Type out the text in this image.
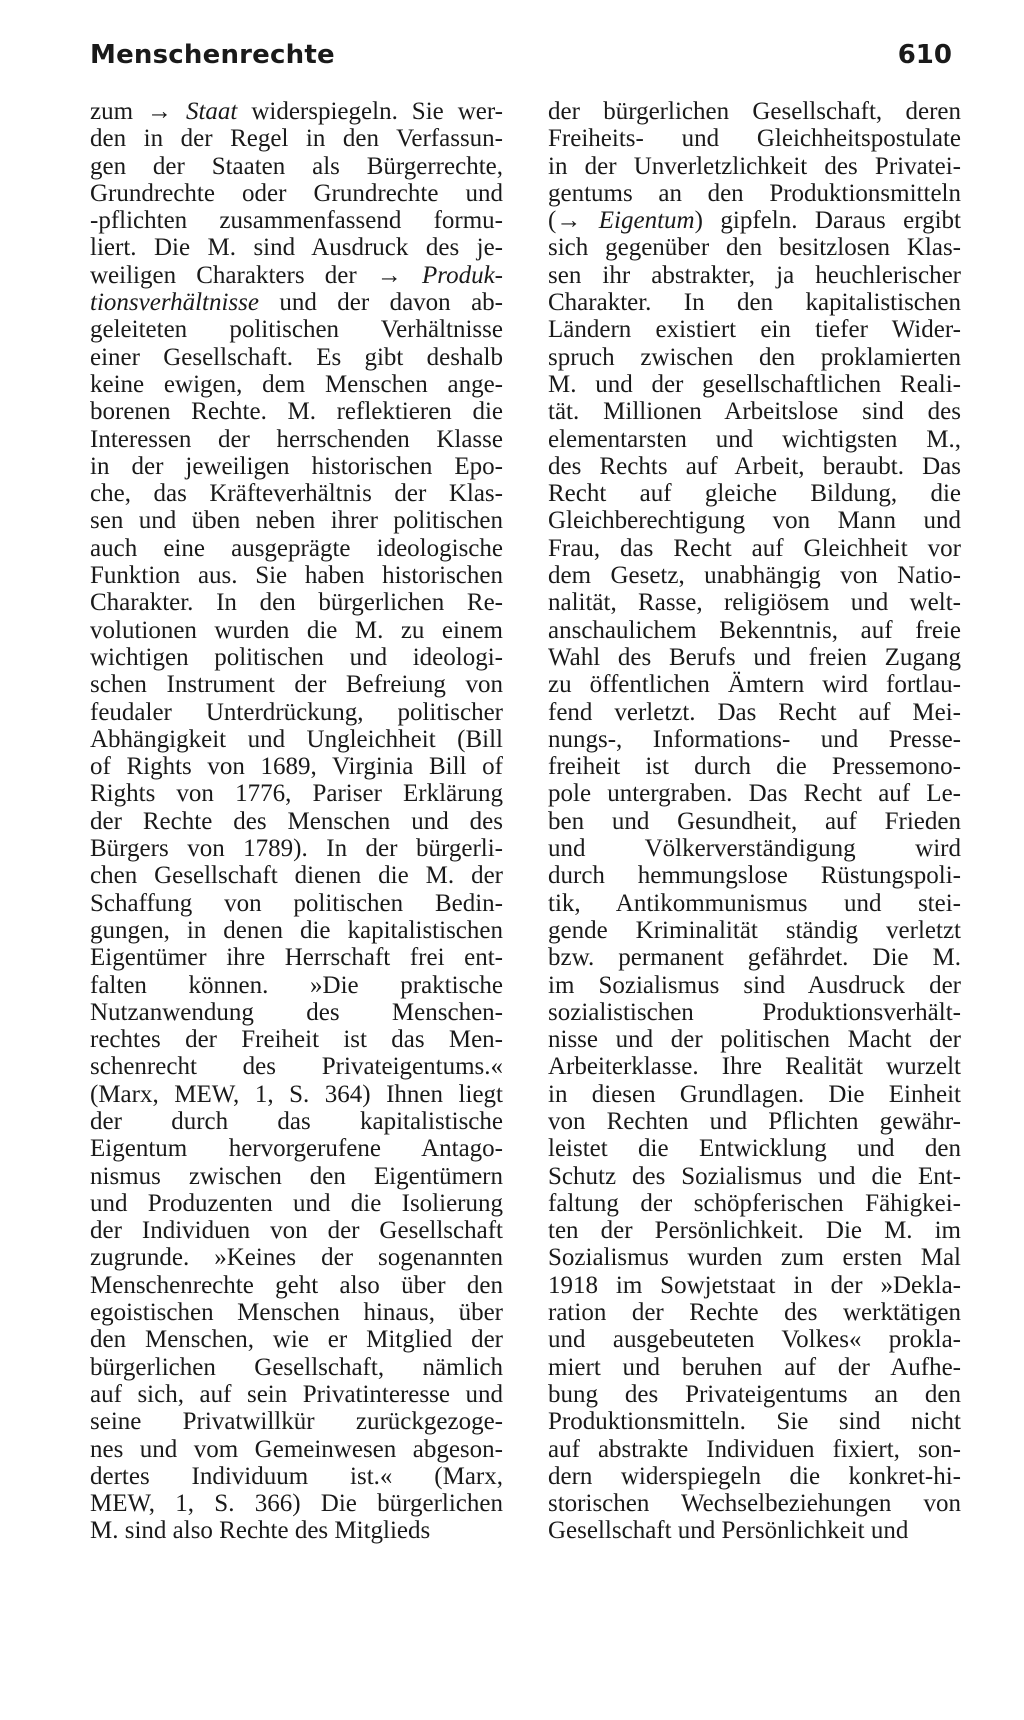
Menschenrechte	610
zum → Staat widerspiegeln. Sie wer-
den in der Regel in den Verfassun-
gen der Staaten als Bürgerrechte,
Grundrechte oder Grundrechte und
-pflichten zusammenfassend formu-
liert. Die M. sind Ausdruck des je-
weiligen Charakters der → Produk-
tionsverhältnisse und der davon ab-
geleiteten politischen Verhältnisse
einer Gesellschaft. Es gibt deshalb
keine ewigen, dem Menschen ange-
borenen Rechte. M. reflektieren die
Interessen der herrschenden Klasse
in der jeweiligen historischen Epo-
che, das Kräfteverhältnis der Klas-
sen und üben neben ihrer politischen
auch eine ausgeprägte ideologische
Funktion aus. Sie haben historischen
Charakter. In den bürgerlichen Re-
volutionen wurden die M. zu einem
wichtigen politischen und ideologi-
schen Instrument der Befreiung von
feudaler Unterdrückung, politischer
Abhängigkeit und Ungleichheit (Bill
of Rights von 1689, Virginia Bill of
Rights von 1776, Pariser Erklärung
der Rechte des Menschen und des
Bürgers von 1789). In der bürgerli-
chen Gesellschaft dienen die M. der
Schaffung von politischen Bedin-
gungen, in denen die kapitalistischen
Eigentümer ihre Herrschaft frei ent-
falten können. »Die praktische
Nutzanwendung des Menschen-
rechtes der Freiheit ist das Men-
schenrecht des Privateigentums.«
(Marx, MEW, 1, S. 364) Ihnen liegt
der durch das kapitalistische
Eigentum hervorgerufene Antago-
nismus zwischen den Eigentümern
und Produzenten und die Isolierung
der Individuen von der Gesellschaft
zugrunde. »Keines der sogenannten
Menschenrechte geht also über den
egoistischen Menschen hinaus, über
den Menschen, wie er Mitglied der
bürgerlichen Gesellschaft, nämlich
auf sich, auf sein Privatinteresse und
seine Privatwillkür zurückgezoge-
nes und vom Gemeinwesen abgeson-
dertes Individuum ist.« (Marx,
MEW, 1, S. 366) Die bürgerlichen
M. sind also Rechte des Mitglieds
der bürgerlichen Gesellschaft, deren
Freiheits- und Gleichheitspostulate
in der Unverletzlichkeit des Privatei-
gentums an den Produktionsmitteln
(→ Eigentum) gipfeln. Daraus ergibt
sich gegenüber den besitzlosen Klas-
sen ihr abstrakter, ja heuchlerischer
Charakter. In den kapitalistischen
Ländern existiert ein tiefer Wider-
spruch zwischen den proklamierten
M. und der gesellschaftlichen Reali-
tät. Millionen Arbeitslose sind des
elementarsten und wichtigsten M.,
des Rechts auf Arbeit, beraubt. Das
Recht auf gleiche Bildung, die
Gleichberechtigung von Mann und
Frau, das Recht auf Gleichheit vor
dem Gesetz, unabhängig von Natio-
nalität, Rasse, religiösem und welt-
anschaulichem Bekenntnis, auf freie
Wahl des Berufs und freien Zugang
zu öffentlichen Ämtern wird fortlau-
fend verletzt. Das Recht auf Mei-
nungs-, Informations- und Presse-
freiheit ist durch die Pressemono-
pole untergraben. Das Recht auf Le-
ben und Gesundheit, auf Frieden
und Völkerverständigung wird
durch hemmungslose Rüstungspoli-
tik, Antikommunismus und stei-
gende Kriminalität ständig verletzt
bzw. permanent gefährdet. Die M.
im Sozialismus sind Ausdruck der
sozialistischen Produktionsverhält-
nisse und der politischen Macht der
Arbeiterklasse. Ihre Realität wurzelt
in diesen Grundlagen. Die Einheit
von Rechten und Pflichten gewähr-
leistet die Entwicklung und den
Schutz des Sozialismus und die Ent-
faltung der schöpferischen Fähigkei-
ten der Persönlichkeit. Die M. im
Sozialismus wurden zum ersten Mal
1918 im Sowjetstaat in der »Dekla-
ration der Rechte des werktätigen
und ausgebeuteten Volkes« prokla-
miert und beruhen auf der Aufhe-
bung des Privateigentums an den
Produktionsmitteln. Sie sind nicht
auf abstrakte Individuen fixiert, son-
dern widerspiegeln die konkret-hi-
storischen Wechselbeziehungen von
Gesellschaft und Persönlichkeit und
